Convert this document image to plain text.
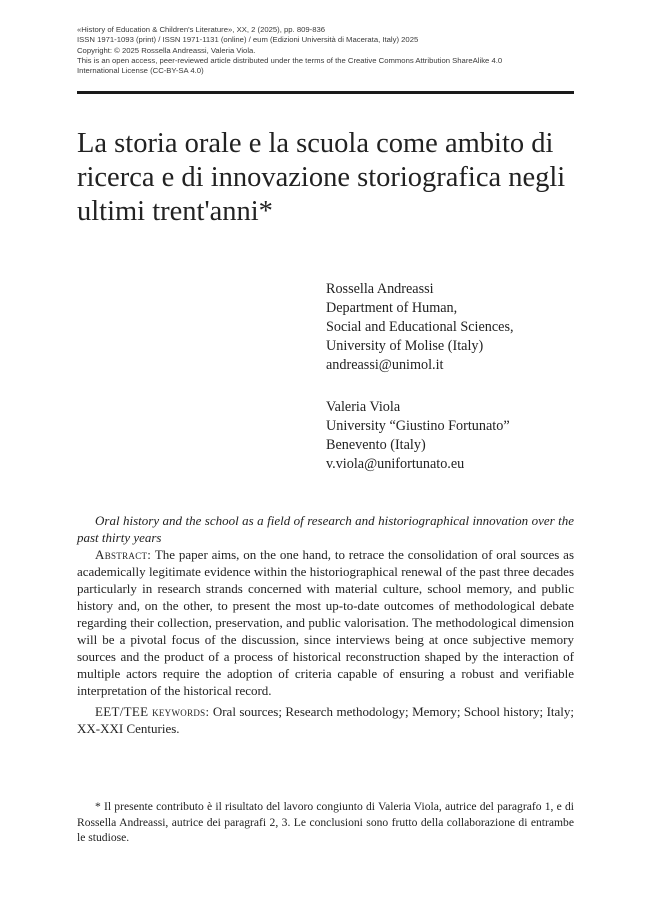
«History of Education & Children's Literature», XX, 2 (2025), pp. 809-836
ISSN 1971-1093 (print) / ISSN 1971-1131 (online) / eum (Edizioni Università di Macerata, Italy) 2025
Copyright: © 2025 Rossella Andreassi, Valeria Viola.
This is an open access, peer-reviewed article distributed under the terms of the Creative Commons Attribution ShareAlike 4.0
International License (CC-BY-SA 4.0)
La storia orale e la scuola come ambito di
ricerca e di innovazione storiografica negli
ultimi trent'anni*
Rossella Andreassi
Department of Human,
Social and Educational Sciences,
University of Molise (Italy)
andreassi@unimol.it
Valeria Viola
University “Giustino Fortunato”
Benevento (Italy)
v.viola@unifortunato.eu

Oral history and the school as a field of research and historiographical innovation over the past thirty years

Abstract: The paper aims, on the one hand, to retrace the consolidation of oral sources as academically legitimate evidence within the historiographical renewal of the past three decades particularly in research strands concerned with material culture, school memory, and public history and, on the other, to present the most up-to-date outcomes of methodological debate regarding their collection, preservation, and public valorisation. The methodological dimension will be a pivotal focus of the discussion, since interviews being at once subjective memory sources and the product of a process of historical reconstruction shaped by the interaction of multiple actors require the adoption of criteria capable of ensuring a robust and verifiable interpretation of the historical record.

EET/TEE keywords: Oral sources; Research methodology; Memory; School history; Italy; XX-XXI Centuries.

* Il presente contributo è il risultato del lavoro congiunto di Valeria Viola, autrice del paragrafo 1, e di Rossella Andreassi, autrice dei paragrafi 2, 3. Le conclusioni sono frutto della collaborazione di entrambe le studiose.
